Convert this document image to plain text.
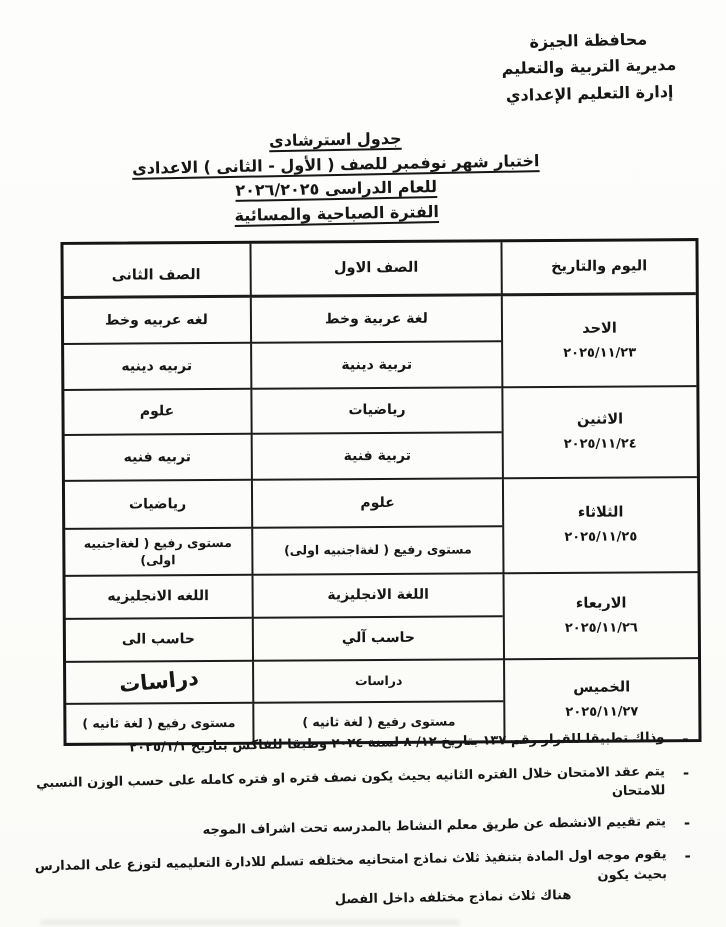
محافظة الجيزة
مديرية التربية والتعليم
إدارة التعليم الإعدادي
جدول استرشادى
اختبار شهر نوفمبر للصف ( الأول - الثانى ) الاعدادى
للعام الدراسى ٢٠٢٦/٢٠٢٥
الفترة الصباحية والمسائية
اليوم والتاريخ
الصف الاول
الصف الثانى
الاحد
٢٠٢٥/١١/٢٣
لغة عربية وخط
لغه عربيه وخط
تربية دينية
تربيه دينيه
الاثنين
٢٠٢٥/١١/٢٤
رياضيات
علوم
تربية فنية
تربيه فنيه
الثلاثاء
٢٠٢٥/١١/٢٥
علوم
رياضيات
مستوى رفيع ( لغةاجنبيه اولى)
مستوى رفيع ( لغةاجنبيه اولى)
الاربعاء
٢٠٢٥/١١/٢٦
اللغة الانجليزية
اللغه الانجليزيه
حاسب آلي
حاسب الى
الخميس
٢٠٢٥/١١/٢٧
دراسات
دراسات
مستوى رفيع ( لغة ثانيه )
مستوى رفيع ( لغة ثانيه )
-
وذلك تطبيقا للقرار رقم ١٣٧ بتاريخ ١٢/ ٨ لسنة ٢٠٢٤ وطبقا للفاكس بتاريخ ٢٠٢٥/١/١
-
يتم عقد الامتحان خلال الفتره الثانيه بحيث يكون نصف فتره او فتره كامله على حسب الوزن النسبي للامتحان
-
يتم تقييم الانشطه عن طريق معلم النشاط بالمدرسه تحت اشراف الموجه
-
يقوم موجه اول المادة بتنفيذ ثلاث نماذج امتحانيه مختلفه تسلم للادارة التعليميه لتوزع على المدارس بحيث يكون
هناك ثلاث نماذج مختلفه داخل الفصل
